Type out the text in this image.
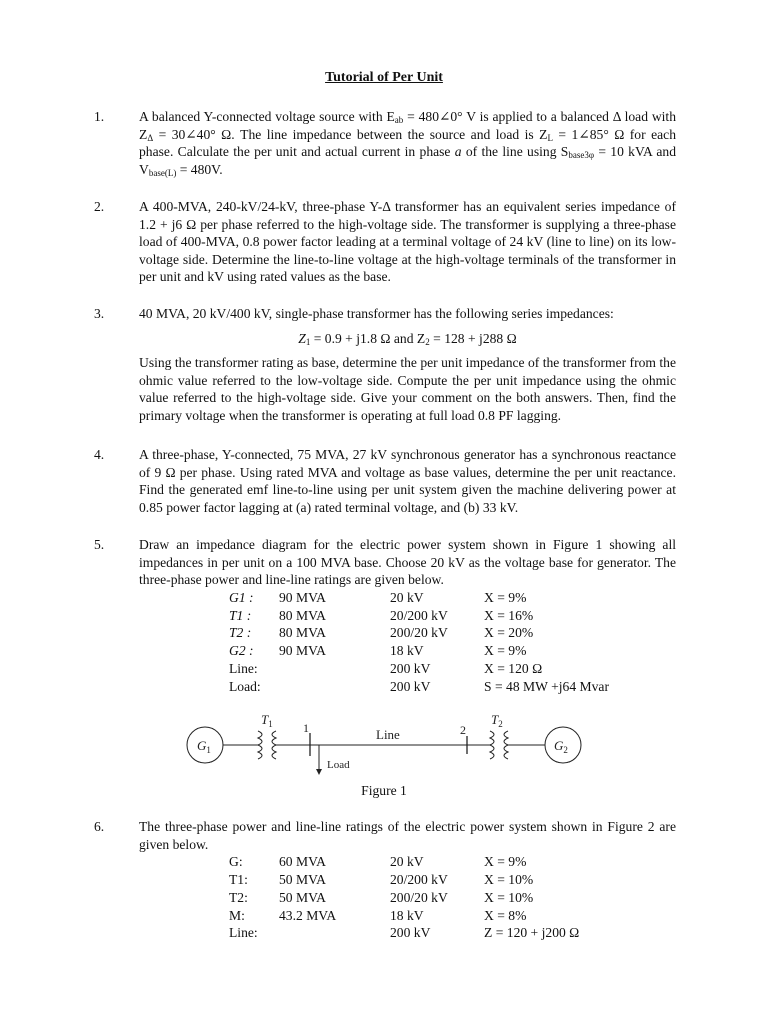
Tutorial of Per Unit
1.	A balanced Y-connected voltage source with $E_{ab}$ = 480∠0° V is applied to a balanced Δ load with $Z_\Delta$ = 30∠40° Ω. The line impedance between the source and load is $Z_L$ = 1∠85° Ω for each phase. Calculate the per unit and actual current in phase a of the line using $S_{base3\varphi} = 10$ kVA and $V_{base(L)} = 480V$.

2.	A 400-MVA, 240-kV/24-kV, three-phase Y-Δ transformer has an equivalent series impedance of 1.2 + j6 Ω per phase referred to the high-voltage side. The transformer is supplying a three-phase load of 400-MVA, 0.8 power factor leading at a terminal voltage of 24 kV (line to line) on its low-voltage side. Determine the line-to-line voltage at the high-voltage terminals of the transformer in per unit and kV using rated values as the base.

3.	40 MVA, 20 kV/400 kV, single-phase transformer has the following series impedances:

$Z_1 = 0.9 + j1.8$ Ω and $Z_2 = 128 + j288$ Ω

Using the transformer rating as base, determine the per unit impedance of the transformer from the ohmic value referred to the low-voltage side. Compute the per unit impedance using the ohmic value referred to the high-voltage side. Give your comment on the both answers. Then, find the primary voltage when the transformer is operating at full load 0.8 PF lagging.

4.	A three-phase, Y-connected, 75 MVA, 27 kV synchronous generator has a synchronous reactance of 9 Ω per phase. Using rated MVA and voltage as base values, determine the per unit reactance. Find the generated emf line-to-line using per unit system given the machine delivering power at 0.85 power factor lagging at (a) rated terminal voltage, and (b) 33 kV.

5.	Draw an impedance diagram for the electric power system shown in Figure 1 showing all impedances in per unit on a 100 MVA base. Choose 20 kV as the voltage base for generator. The three-phase power and line-line ratings are given below.

G1 :	90 MVA	20 kV	X = 9%
T1 :	80 MVA	20/200 kV	X = 16%
T2 :	80 MVA	200/20 kV	X = 20%
G2 :	90 MVA	18 kV	X = 9%
Line:		200 kV	X = 120 Ω
Load:		200 kV	S = 48 MW +j64 Mvar
$G_1$	$G_2$
$T_1$	$T_2$
1	2
Line
Load
Figure 1
6.	The three-phase power and line-line ratings of the electric power system shown in Figure 2 are given below.

G:	60 MVA	20 kV	X = 9%
T1:	50 MVA	20/200 kV	X = 10%
T2:	50 MVA	200/20 kV	X = 10%
M:	43.2 MVA	18 kV	X = 8%
Line:		200 kV	Z = 120 + j200 Ω
